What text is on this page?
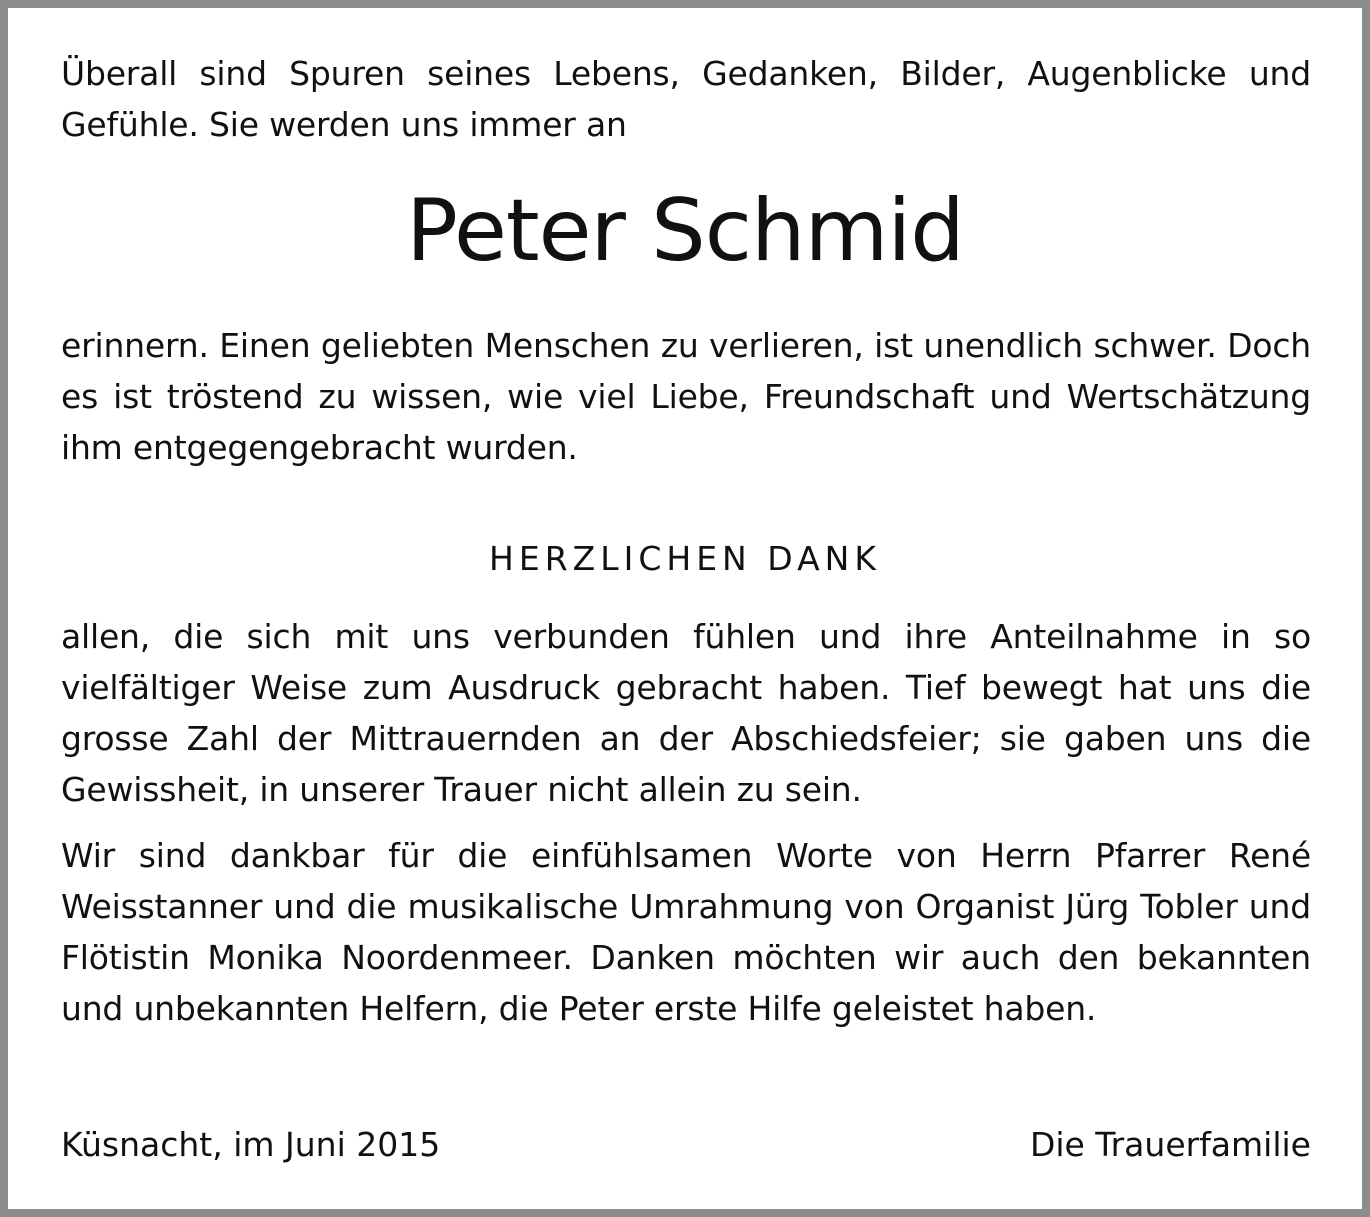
Überall sind Spuren seines Lebens, Gedanken, Bilder, Augenblicke und Gefühle. Sie werden uns immer an

Peter Schmid

erinnern. Einen geliebten Menschen zu verlieren, ist unendlich schwer. Doch es ist tröstend zu wissen, wie viel Liebe, Freundschaft und Wertschätzung ihm entgegengebracht wurden.

HERZLICHEN DANK

allen, die sich mit uns verbunden fühlen und ihre Anteilnahme in so vielfältiger Weise zum Ausdruck gebracht haben. Tief bewegt hat uns die grosse Zahl der Mittrauernden an der Abschiedsfeier; sie gaben uns die Gewissheit, in unserer Trauer nicht allein zu sein.

Wir sind dankbar für die einfühlsamen Worte von Herrn Pfarrer René Weisstanner und die musikalische Umrahmung von Organist Jürg Tobler und Flötistin Monika Noordenmeer. Danken möchten wir auch den bekannten und unbekannten Helfern, die Peter erste Hilfe geleistet haben.

Küsnacht, im Juni 2015	Die Trauerfamilie
